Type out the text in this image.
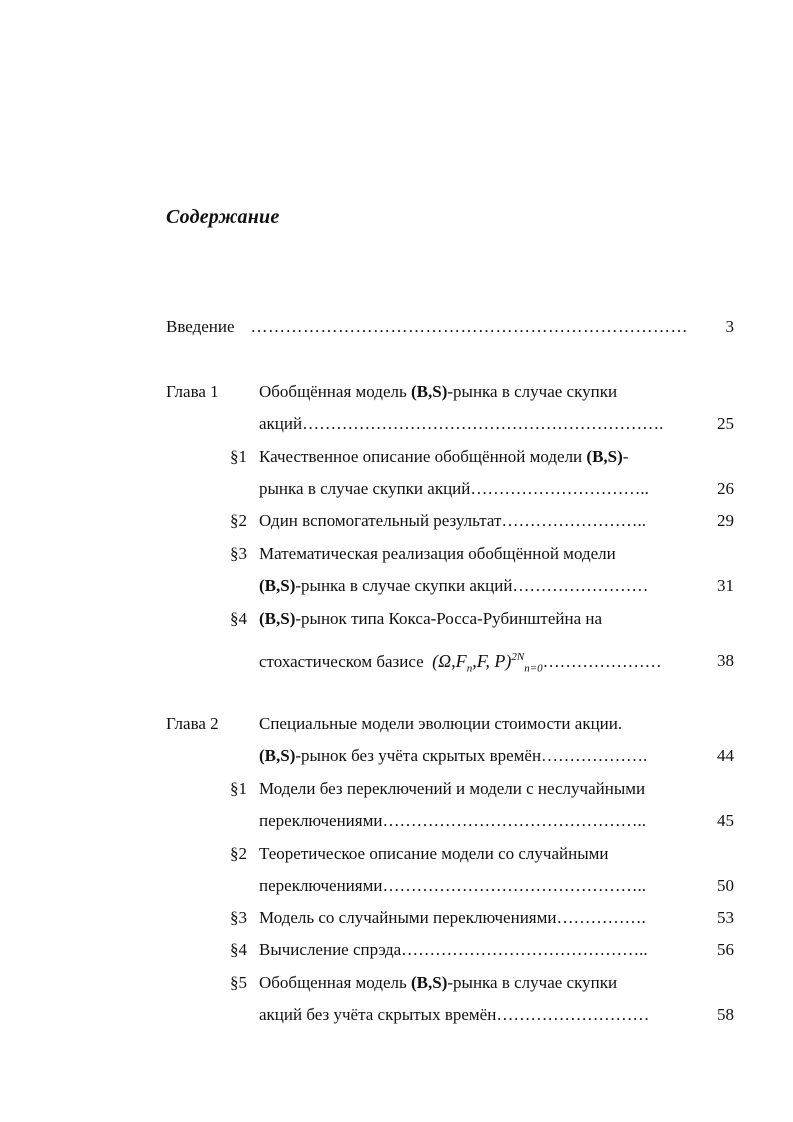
Содержание
Введение ………………………………………………………………… 3
Глава 1 Обобщённая модель (B,S)-рынка в случае скупки
акций……………………………………………………….	25
§1 Качественное описание обобщённой модели (B,S)-
рынка в случае скупки акций…………………………..	26
§2 Один вспомогательный результат……………………..	29
§3 Математическая реализация обобщённой модели
(B,S)-рынка в случае скупки акций……………………	31
§4 (B,S)-рынок типа Кокса-Росса-Рубинштейна на
стохастическом базисе ($\Omega,F_n,F$, P)$^{2N}_{n=0}$…………………	38
Глава 2 Специальные модели эволюции стоимости акции.
(B,S)-рынок без учёта скрытых времён……………….	44
§1 Модели без переключений и модели с неслучайными
переключениями………………………………………..	45
§2 Теоретическое описание модели со случайными
переключениями………………………………………..	50
§3 Модель со случайными переключениями…………….	53
§4 Вычисление спрэда……………………………………..	56
§5 Обобщенная модель (B,S)-рынка в случае скупки
акций без учёта скрытых времён………………………	58
